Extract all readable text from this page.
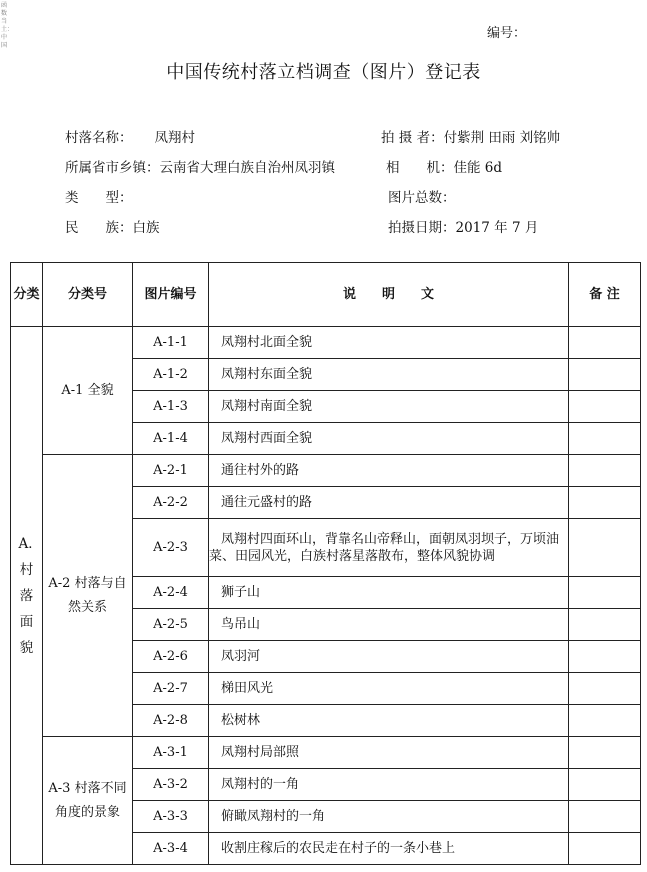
函数 当土：中国
编号：
中国传统村落立档调查（图片）登记表
村落名称： 凤翔村	拍 摄 者：付紫荆 田雨 刘铭帅
所属省市乡镇：云南省大理白族自治州凤羽镇	相　　机：佳能 6d
类　　型：	图片总数：
民　　族：白族	拍摄日期：2017 年 7 月
分类	分类号	图片编号	说　　明　　文	备 注
A．村落面貌	A-1 全貌	A-1-1	凤翔村北面全貌	
		A-1-2	凤翔村东面全貌	
		A-1-3	凤翔村南面全貌	
		A-1-4	凤翔村西面全貌	
	A-2 村落与自然关系	A-2-1	通往村外的路	
		A-2-2	通往元盛村的路	
		A-2-3	凤翔村四面环山，背靠名山帝释山，面朝凤羽坝子，万顷油菜、田园风光，白族村落星落散布，整体风貌协调	
		A-2-4	狮子山	
		A-2-5	鸟吊山	
		A-2-6	凤羽河	
		A-2-7	梯田风光	
		A-2-8	松树林	
	A-3 村落不同角度的景象	A-3-1	凤翔村局部照	
		A-3-2	凤翔村的一角	
		A-3-3	俯瞰凤翔村的一角	
		A-3-4	收割庄稼后的农民走在村子的一条小巷上	
